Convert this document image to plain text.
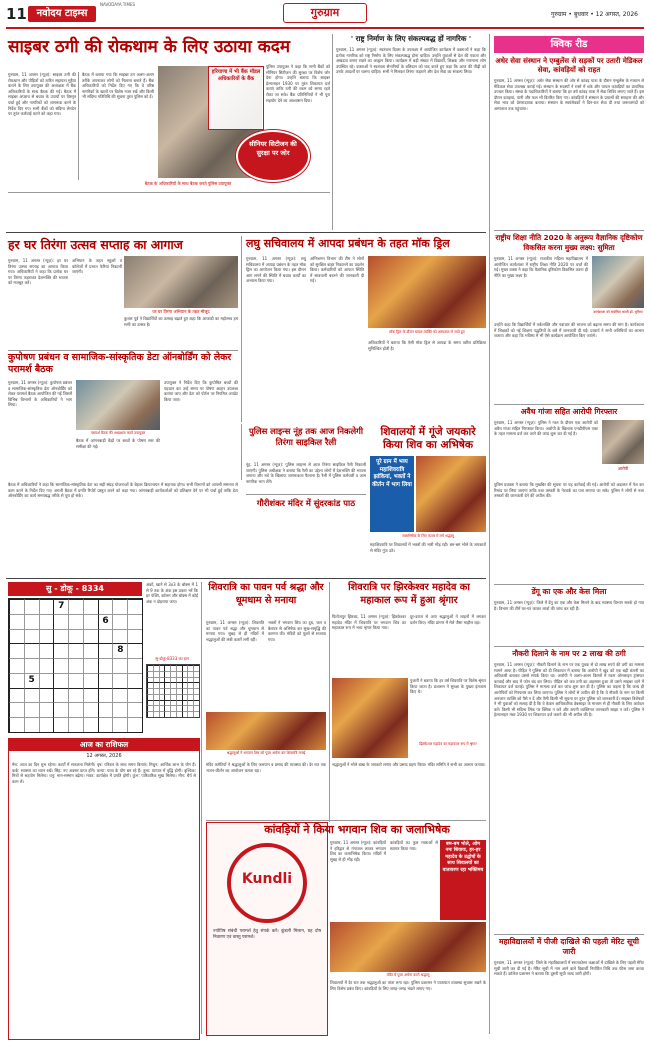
11 नवोदय टाइम्स
NAVODAYA TIMES
गुरुग्राम	गुरुग्राम • बुधवार • 12 अगस्त, 2026
साइबर ठगी की रोकथाम के लिए उठाया कदम
गुरुग्राम, 11 अगस्त (न्यूज़): साइबर ठगी की रोकथाम और पीड़ितों को त्वरित सहायता मुहैया कराने के लिए उपायुक्त की अध्यक्षता में बैंक अधिकारियों के साथ बैठक की गई। बैठक में साइबर अपराध से बचाव के उपायों पर विस्तृत चर्चा हुई और नागरिकों को जागरूक करने के निर्देश दिए गए। सभी बैंकों को संदिग्ध लेनदेन पर तुरंत कार्रवाई करने को कहा गया।
बैठक में बताया गया कि साइबर ठग अलग-अलग तरीके अपनाकर लोगों को निशाना बनाते हैं। बैंक अधिकारियों को निर्देश दिए गए कि वे वरिष्ठ नागरिकों के खातों पर विशेष नजर रखें और किसी भी संदिग्ध गतिविधि की सूचना तुरंत पुलिस को दें।
हरियाणा में भी बैंक मॉडल अधिकारियों के बैंक
बैठक के अधिकारियों के साथ बैठक करते पुलिस उपायुक्त
सीनियर सिटीजन की सुरक्षा पर जोर
पुलिस उपायुक्त ने कहा कि सभी बैंकों को सीनियर सिटीजन की सुरक्षा पर विशेष जोर देना होगा। उन्होंने बताया कि साइबर हेल्पलाइन 1930 पर तुरंत शिकायत दर्ज कराएं ताकि ठगी की रकम को समय रहते रोका जा सके। बैंक प्रतिनिधियों ने भी पूरा सहयोग देने का आश्वासन दिया।
' राष्ट्र निर्माण के लिए संकल्पबद्ध हों नागरिक '
गुरुग्राम, 11 अगस्त (न्यूज़): स्वतंत्रता दिवस के उपलक्ष्य में आयोजित कार्यक्रम में वक्ताओं ने कहा कि प्रत्येक नागरिक को राष्ट्र निर्माण के लिए संकल्पबद्ध होना चाहिए। उन्होंने युवाओं से देश की एकता और अखंडता बनाए रखने का आह्वान किया। कार्यक्रम में बड़ी संख्या में विद्यार्थी, शिक्षक और गणमान्य लोग उपस्थित रहे। वक्ताओं ने स्वतंत्रता सेनानियों के बलिदान को याद करते हुए कहा कि आज की पीढ़ी को उनके आदर्शों पर चलना चाहिए। सभी ने मिलकर तिरंगा फहराने और देश सेवा का संकल्प लिया।
क्विक रीड
अधेर सेवा संस्थान ने एम्बुलेंस से सड़कों पर उतारी मेडिकल सेवा, कांवड़ियों को राहत
गुरुग्राम, 11 अगस्त (न्यूज़): अधेर सेवा संस्थान की ओर से कांवड़ यात्रा के दौरान एम्बुलेंस के माध्यम से मेडिकल सेवा उपलब्ध कराई गई। संस्थान के सदस्यों ने रास्ते में थके और घायल कांवड़ियों का प्राथमिक उपचार किया। संस्था के पदाधिकारियों ने बताया कि हर वर्ष कांवड़ यात्रा में सेवा शिविर लगाए जाते हैं। इस दौरान दवाइयां, पानी और फल भी वितरित किए गए। कांवड़ियों ने संस्थान के प्रयासों की सराहना की और सेवा भाव को प्रेरणादायक बताया। संस्थान के स्वयंसेवकों ने दिन-रात सेवा दी तथा जरूरतमंदों को अस्पताल तक पहुंचाया।
राष्ट्रीय शिक्षा नीति 2020 के अनुरूप वैज्ञानिक दृष्टिकोण विकसित करना मुख्य लक्ष्य: सुमिता
गुरुग्राम, 11 अगस्त (न्यूज़): राजकीय महिला महाविद्यालय में आयोजित कार्यशाला में राष्ट्रीय शिक्षा नीति 2020 पर चर्चा की गई। मुख्य वक्ता ने कहा कि वैज्ञानिक दृष्टिकोण विकसित करना ही नीति का मुख्य लक्ष्य है।
कार्यशाला को संबोधित करती डॉ. सुमिता
उन्होंने कहा कि विद्यार्थियों में तर्कशक्ति और नवाचार की भावना को बढ़ाना समय की मांग है। कार्यशाला में शिक्षकों को नई शिक्षण पद्धतियों के बारे में जानकारी दी गई। प्राचार्य ने सभी अतिथियों का आभार जताया और कहा कि भविष्य में भी ऐसे कार्यक्रम आयोजित किए जाएंगे।
अवैध गांजा सहित आरोपी गिरफ्तार
गुरुग्राम, 11 अगस्त (न्यूज़): पुलिस ने गश्त के दौरान एक आरोपी को अवैध गांजा सहित गिरफ्तार किया। आरोपी के खिलाफ एनडीपीएस एक्ट के तहत मामला दर्ज कर आगे की जांच शुरू कर दी गई है।
आरोपी
पुलिस प्रवक्ता ने बताया कि मुखबिर की सूचना पर यह कार्रवाई की गई। आरोपी को अदालत में पेश कर रिमांड पर लिया जाएगा ताकि नशा तस्करी के नेटवर्क का पता लगाया जा सके। पुलिस ने लोगों से नशा तस्करों की जानकारी देने की अपील की।
डेंगू का एक और केस मिला
गुरुग्राम, 11 अगस्त (न्यूज़): जिले में डेंगू का एक और केस मिलने के बाद स्वास्थ्य विभाग सतर्क हो गया है। विभाग की टीमें घर-घर जाकर लार्वा की जांच कर रही हैं।
नौकरी दिलाने के नाम पर 2 लाख की ठगी
गुरुग्राम, 11 अगस्त (न्यूज़): नौकरी दिलाने के नाम पर एक युवक से दो लाख रुपये की ठगी का मामला सामने आया है। पीड़ित ने पुलिस को दी शिकायत में बताया कि आरोपी ने खुद को एक बड़ी कंपनी का अधिकारी बताकर उससे संपर्क किया था। आरोपी ने अलग-अलग किस्तों में रकम ऑनलाइन ट्रांसफर करवाई और बाद में फोन बंद कर लिया। पीड़ित को जब ठगी का अहसास हुआ तो उसने साइबर थाने में शिकायत दर्ज कराई। पुलिस ने मामला दर्ज कर जांच शुरू कर दी है। पुलिस का कहना है कि जल्द ही आरोपियों को गिरफ्तार कर लिया जाएगा। पुलिस ने लोगों से अपील की है कि वे नौकरी के नाम पर किसी अनजान व्यक्ति को पैसे न दें और ऐसी किसी भी सूचना पर तुरंत पुलिस को जानकारी दें। साइबर विशेषज्ञों ने भी युवाओं को सलाह दी है कि वे केवल आधिकारिक वेबसाइट के माध्यम से ही नौकरी के लिए आवेदन करें। किसी भी संदिग्ध लिंक पर क्लिक न करें और अपनी व्यक्तिगत जानकारी साझा न करें। पुलिस ने हेल्पलाइन नंबर 1930 पर शिकायत दर्ज कराने की भी अपील की है।
महाविद्यालयों में पीजी दाखिले की पहली मेरिट सूची जारी
गुरुग्राम, 11 अगस्त (न्यूज़): जिले के महाविद्यालयों में स्नातकोत्तर कक्षाओं में दाखिले के लिए पहली मेरिट सूची जारी कर दी गई है। मेरिट सूची में नाम आने वाले विद्यार्थी निर्धारित तिथि तक फीस जमा करवा सकते हैं। कॉलेज प्रशासन ने बताया कि दूसरी सूची जल्द जारी होगी।
हर घर तिरंगा उत्सव सप्ताह का आगाज
गुरुग्राम, 11 अगस्त (न्यूज़): हर घर तिरंगा उत्सव सप्ताह का आगाज किया गया। अधिकारियों ने कहा कि प्रत्येक घर पर तिरंगा फहराकर देशभक्ति की भावना को मजबूत करें।
अभियान के तहत स्कूलों व कॉलेजों में प्रभात फेरियां निकाली जाएंगी।
घर घर तिरंगा अभियान के तहत मौजूद
कुशल पूर्व ने विद्यार्थियों का उत्साह बढ़ाते हुए कहा कि आजादी का महोत्सव हम सभी का उत्सव है।
लघु सचिवालय में आपदा प्रबंधन के तहत मॉक ड्रिल
गुरुग्राम, 11 अगस्त (न्यूज़): लघु सचिवालय में आपदा प्रबंधन के तहत मॉक ड्रिल का आयोजन किया गया। इस दौरान आग लगने की स्थिति में बचाव कार्यों का अभ्यास किया गया।
अग्निशमन विभाग की टीम ने लोगों को सुरक्षित बाहर निकालने का प्रदर्शन किया। कर्मचारियों को आपात स्थिति में सावधानी बरतने की जानकारी दी गई।
मॉक ड्रिल के दौरान घायल व्यक्ति को अस्पताल ले जाते हुए
अधिकारियों ने बताया कि ऐसी मॉक ड्रिल से आपदा के समय त्वरित प्रतिक्रिया सुनिश्चित होती है।
कुपोषण प्रबंधन व सामाजिक-सांस्कृतिक डेटा ऑनबोर्डिंग को लेकर परामर्श बैठक
गुरुग्राम, 11 अगस्त (न्यूज़): कुपोषण प्रबंधन व सामाजिक-सांस्कृतिक डेटा ऑनबोर्डिंग को लेकर परामर्श बैठक आयोजित की गई जिसमें विभिन्न विभागों के अधिकारियों ने भाग लिया।
परामर्श बैठक की अध्यक्षता करते उपायुक्त
बैठक में आंगनबाड़ी केंद्रों पर बच्चों के पोषण स्तर की समीक्षा की गई।
उपायुक्त ने निर्देश दिए कि कुपोषित बच्चों की पहचान कर उन्हें समय पर पोषण आहार उपलब्ध कराया जाए और डेटा को पोर्टल पर नियमित अपडेट किया जाए।
पुलिस लाइन्स नूंह तक आज निकलेगी तिरंगा साइकिल रैली
नूंह, 11 अगस्त (न्यूज़): पुलिस लाइन्स से आज तिरंगा साइकिल रैली निकाली जाएगी। पुलिस अधीक्षक ने बताया कि रैली का उद्देश्य लोगों में देशभक्ति की भावना जगाना और नशे के खिलाफ जागरूकता फैलाना है। रैली में पुलिस कर्मचारी व आम नागरिक भाग लेंगे।
शिवालयों में गूंजे जयकारे किया शिव का अभिषेक
पूरे ग्राम में भव्य महाशिवरात्रि झांकियां, भक्तों ने कीर्तन में भाग लिया
जलाभिषेक के लिए कतार में लगे श्रद्धालु
महाशिवरात्रि पर शिवालयों में भक्तों की भारी भीड़ रही। बम-बम भोले के जयकारों से मंदिर गूंज उठे।
गौरीशंकर मंदिर में सुंदरकांड पाठ
बैठक में अधिकारियों ने कहा कि सामाजिक-सांस्कृतिक डेटा का सही संग्रह योजनाओं के बेहतर क्रियान्वयन में सहायक होगा। सभी विभागों को आपसी समन्वय से काम करने के निर्देश दिए गए। अगली बैठक में प्रगति रिपोर्ट प्रस्तुत करने को कहा गया। आंगनबाड़ी कार्यकर्ताओं को प्रशिक्षण देने पर भी चर्चा हुई ताकि डेटा ऑनबोर्डिंग का कार्य समयबद्ध तरीके से पूरा हो सके।
सु - डोकू - 8334
7
6
8
5
अंकों, खाने से 3x3 के बॉक्स में 1 से 9 तक के अंक इस प्रकार भरें कि हर पंक्ति, कॉलम और बॉक्स में कोई अंक न दोहराया जाए।
सु-डोकू-8333 का हल
आज का राशिफल
12 अगस्त, 2026
मेष: आज का दिन शुभ रहेगा। कार्यों में सफलता मिलेगी। वृष: परिवार के साथ समय बिताएं। मिथुन: आर्थिक लाभ के योग हैं। कर्क: स्वास्थ्य का ध्यान रखें। सिंह: नए अवसर प्राप्त होंगे। कन्या: यात्रा के योग बन रहे हैं। तुला: व्यापार में वृद्धि होगी। वृश्चिक: मित्रों से सहयोग मिलेगा। धनु: मान-सम्मान बढ़ेगा। मकर: कार्यक्षेत्र में प्रगति होगी। कुंभ: पारिवारिक सुख मिलेगा। मीन: धैर्य से काम लें।
शिवरात्रि का पावन पर्व श्रद्धा और धूमधाम से मनाया
गुरुग्राम, 11 अगस्त (न्यूज़): शिवरात्रि का पावन पर्व श्रद्धा और धूमधाम से मनाया गया। सुबह से ही मंदिरों में श्रद्धालुओं की लंबी कतारें लगी रहीं।
भक्तों ने भगवान शिव का दूध, जल व बेलपत्र से अभिषेक कर सुख-समृद्धि की कामना की। मंदिरों को फूलों से सजाया गया।
श्रद्धालुओं ने भगवान शिव को पूजा अर्चना कर शिवरात्रि मनाई
मंदिर कमेटियों ने श्रद्धालुओं के लिए जलपान व प्रसाद की व्यवस्था की। देर रात तक भजन-कीर्तन का आयोजन चलता रहा।
शिवरात्रि पर झिरकेश्वर महादेव का महाकाल रूप में हुआ श्रृंगार
फिरोजपुर झिरका, 11 अगस्त (न्यूज़): झिरकेश्वर महादेव मंदिर में शिवरात्रि पर भगवान शिव का महाकाल रूप में भव्य श्रृंगार किया गया।
दूर-दराज से आए श्रद्धालुओं ने लाइनों में लगकर दर्शन किए। मंदिर प्रांगण में मेले जैसा माहौल रहा।
झिरकेश्वर महादेव का महाकाल रूप में श्रृंगार
पुजारी ने बताया कि हर वर्ष शिवरात्रि पर विशेष श्रृंगार किया जाता है। प्रशासन ने सुरक्षा के पुख्ता इंतजाम किए थे।
श्रद्धालुओं ने भोले बाबा के जयकारे लगाए और प्रसाद ग्रहण किया। मंदिर समिति ने सभी का आभार जताया।
Kundli
ज्योतिष संबंधी परामर्श हेतु संपर्क करें। कुंडली मिलान, ग्रह दोष निवारण एवं वास्तु परामर्श।
कांवड़ियों ने किया भगवान शिव का जलाभिषेक
गुरुग्राम, 11 अगस्त (न्यूज़): कांवड़ियों ने हरिद्वार से गंगाजल लाकर भगवान शिव का जलाभिषेक किया। मंदिरों में सुबह से ही भीड़ रही।
कांवड़ियों का फूल मालाओं से स्वागत किया गया।
बम-बम भोले, ओम नमः शिवायः, हर-हर महादेव के उद्घोषों के साथ शिवालयों का वातावरण रहा भक्तिमय
मंदिर में पूजा अर्चना करते श्रद्धालु
शिवालयों में देर रात तक श्रद्धालुओं का तांता लगा रहा। पुलिस प्रशासन ने यातायात व्यवस्था सुचारू रखने के लिए विशेष प्रबंध किए। कांवड़ियों के लिए जगह-जगह भंडारे लगाए गए।
